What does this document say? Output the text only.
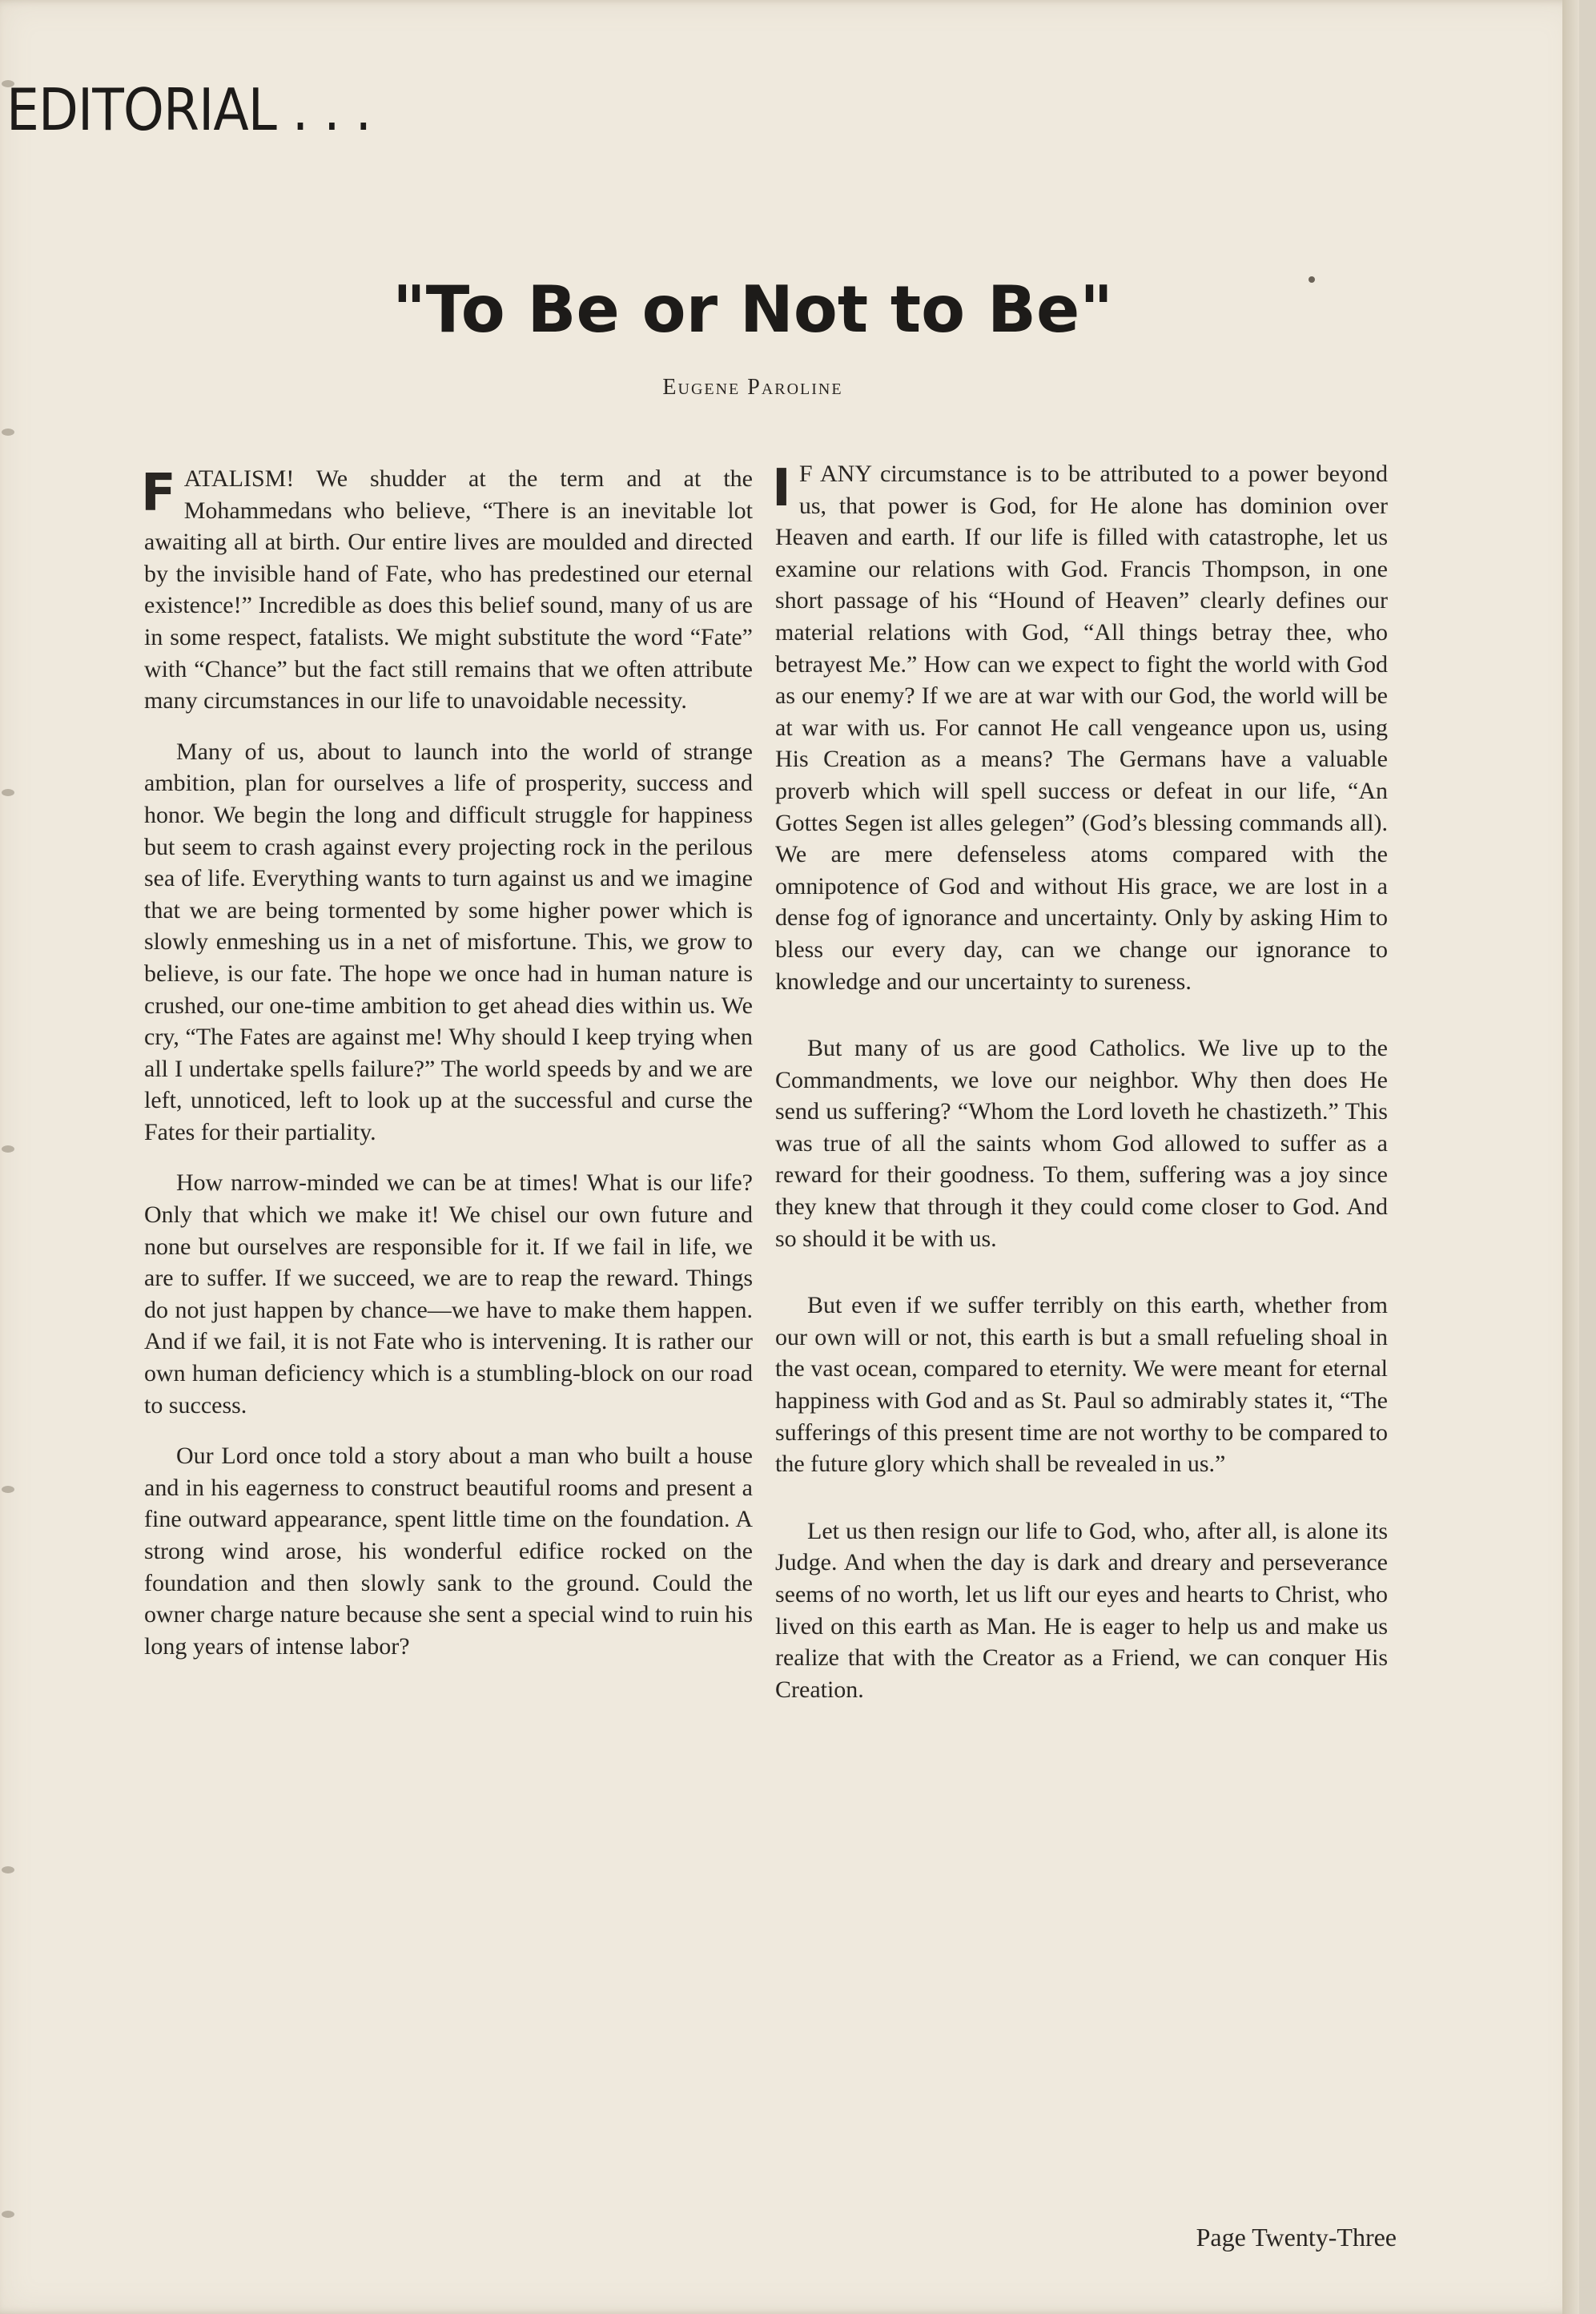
EDITORIAL . . .
"To Be or Not to Be"
Eugene Paroline

FATALISM! We shudder at the term and at the Mohammedans who believe, “There is an inevitable lot awaiting all at birth. Our entire lives are moulded and directed by the invisible hand of Fate, who has predestined our eternal existence!” Incredible as does this belief sound, many of us are in some respect, fatalists. We might substitute the word “Fate” with “Chance” but the fact still remains that we often attribute many circumstances in our life to unavoidable necessity.

Many of us, about to launch into the world of strange ambition, plan for ourselves a life of prosperity, success and honor. We begin the long and difficult struggle for happiness but seem to crash against every projecting rock in the perilous sea of life. Everything wants to turn against us and we imagine that we are being tormented by some higher power which is slowly enmeshing us in a net of misfortune. This, we grow to believe, is our fate. The hope we once had in human nature is crushed, our one-time ambition to get ahead dies within us. We cry, “The Fates are against me! Why should I keep trying when all I undertake spells failure?” The world speeds by and we are left, unnoticed, left to look up at the successful and curse the Fates for their partiality.

How narrow-minded we can be at times! What is our life? Only that which we make it! We chisel our own future and none but ourselves are responsible for it. If we fail in life, we are to suffer. If we succeed, we are to reap the reward. Things do not just happen by chance—we have to make them happen. And if we fail, it is not Fate who is intervening. It is rather our own human deficiency which is a stumbling-block on our road to success.

Our Lord once told a story about a man who built a house and in his eagerness to construct beautiful rooms and present a fine outward appearance, spent little time on the foundation. A strong wind arose, his wonderful edifice rocked on the foundation and then slowly sank to the ground. Could the owner charge nature because she sent a special wind to ruin his long years of intense labor?

I F ANY circumstance is to be attributed to a power beyond us, that power is God, for He alone has dominion over Heaven and earth. If our life is filled with catastrophe, let us examine our relations with God. Francis Thompson, in one short passage of his “Hound of Heaven” clearly defines our material relations with God, “All things betray thee, who betrayest Me.” How can we expect to fight the world with God as our enemy? If we are at war with our God, the world will be at war with us. For cannot He call vengeance upon us, using His Creation as a means? The Germans have a valuable proverb which will spell success or defeat in our life, “An Gottes Segen ist alles gelegen” (God’s blessing commands all). We are mere defenseless atoms compared with the omnipotence of God and without His grace, we are lost in a dense fog of ignorance and uncertainty. Only by asking Him to bless our every day, can we change our ignorance to knowledge and our uncertainty to sureness.

But many of us are good Catholics. We live up to the Commandments, we love our neighbor. Why then does He send us suffering? “Whom the Lord loveth he chastizeth.” This was true of all the saints whom God allowed to suffer as a reward for their goodness. To them, suffering was a joy since they knew that through it they could come closer to God. And so should it be with us.

But even if we suffer terribly on this earth, whether from our own will or not, this earth is but a small refueling shoal in the vast ocean, compared to eternity. We were meant for eternal happiness with God and as St. Paul so admirably states it, “The sufferings of this present time are not worthy to be compared to the future glory which shall be revealed in us.”

Let us then resign our life to God, who, after all, is alone its Judge. And when the day is dark and dreary and perseverance seems of no worth, let us lift our eyes and hearts to Christ, who lived on this earth as Man. He is eager to help us and make us realize that with the Creator as a Friend, we can conquer His Creation.

Page Twenty-Three
